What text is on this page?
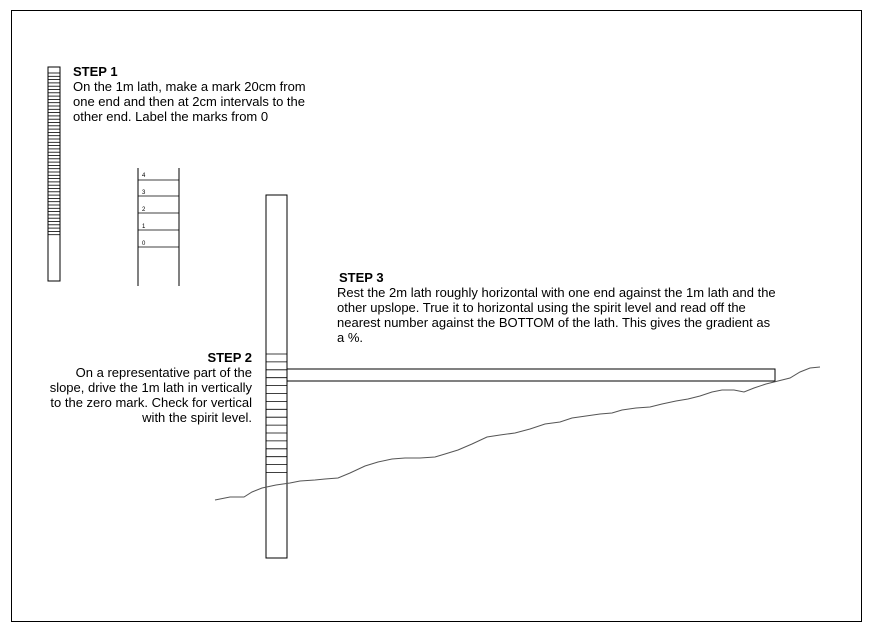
4
3
2
1
0
STEP 1
On the 1m lath, make a mark 20cm from one end and then at 2cm intervals to the other end. Label the marks from 0
STEP 2
On a representative part of the slope, drive the 1m lath in vertically to the zero mark. Check for vertical with the spirit level.
STEP 3
Rest the 2m lath roughly horizontal with one end against the 1m lath and the other upslope. True it to horizontal using the spirit level and read off the nearest number against the BOTTOM of the lath. This gives the gradient as a %.
